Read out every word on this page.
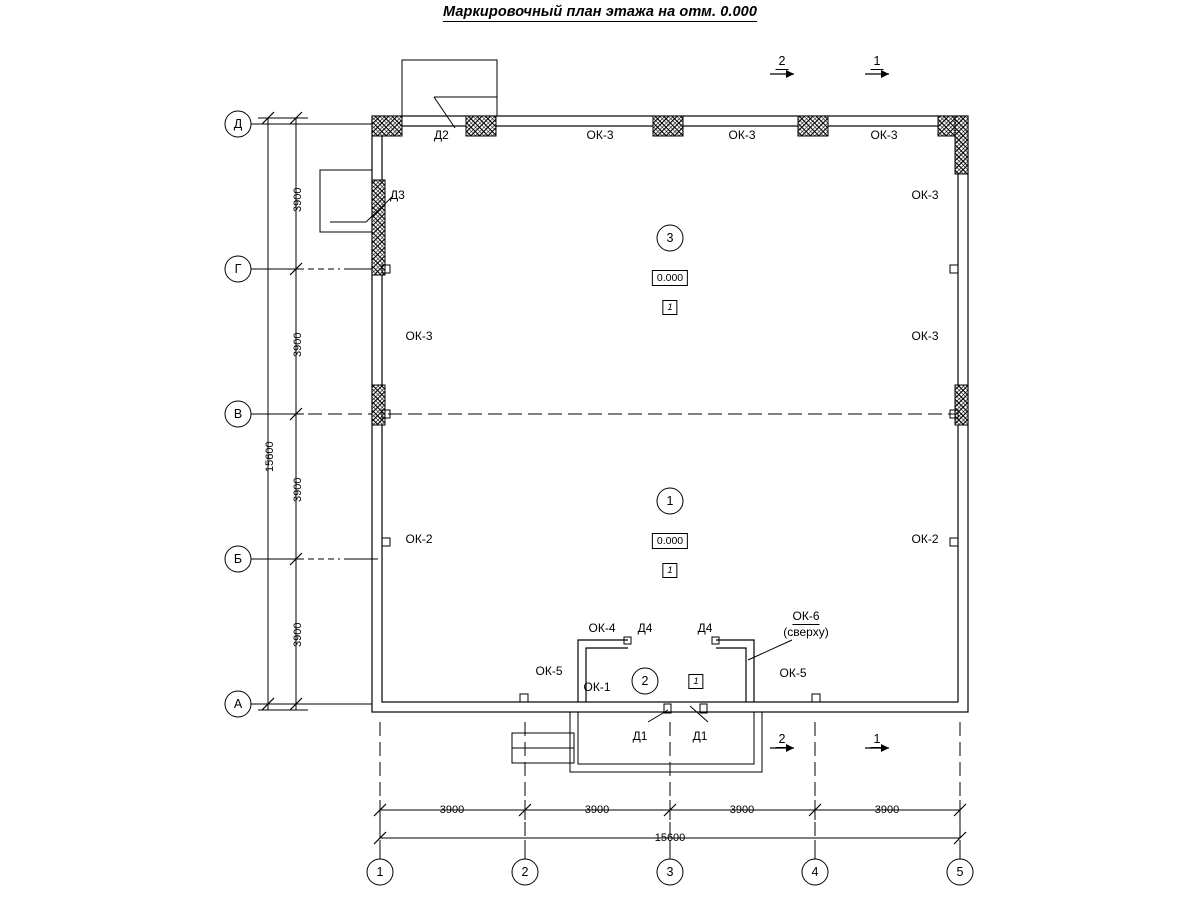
Маркировочный план этажа на отм. 0.000
Д
Г
В
Б
А
1	2	3	4	5
3900
3900
3900
3900
15600
3900	3900	3900	3900
15600
2	1
2	1
3
1
2
0.000
0.000
1
1
1
Д2	ОК-3	ОК-3	ОК-3
Д3	ОК-3
ОК-3	ОК-3
ОК-2	ОК-2
ОК-4 Д4	Д4
ОК-5
ОК-1
ОК-5
Д1	Д1
ОК-6
(сверху)
